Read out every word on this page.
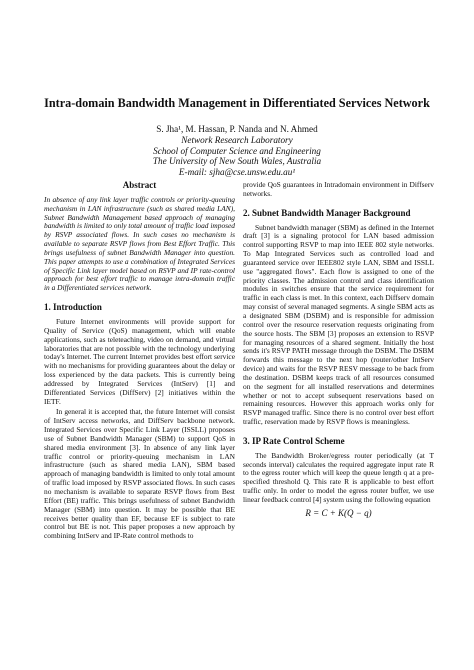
Intra-domain Bandwidth Management in Differentiated Services Network
S. Jha¹, M. Hassan, P. Nanda and N. Ahmed
Network Research Laboratory
School of Computer Science and Engineering
The University of New South Wales, Australia
E-mail: sjha@cse.unsw.edu.au¹
Abstract
In absence of any link layer traffic controls or priority-queuing mechanism in LAN infrastructure (such as shared media LAN), Subnet Bandwidth Management based approach of managing bandwidth is limited to only total amount of traffic load imposed by RSVP associated flows. In such cases no mechanism is available to separate RSVP flows from Best Effort Traffic. This brings usefulness of subnet Bandwidth Manager into question. This paper attempts to use a combination of Integrated Services of Specific Link layer model based on RSVP and IP rate-control approach for best effort traffic to manage intra-domain traffic in a Differentiated services network.
1. Introduction
Future Internet environments will provide support for Quality of Service (QoS) management, which will enable applications, such as teleteaching, video on demand, and virtual laboratories that are not possible with the technology underlying today's Internet. The current Internet provides best effort service with no mechanisms for providing guarantees about the delay or loss experienced by the data packets. This is currently being addressed by Integrated Services (IntServ) [1] and Differentiated Services (DiffServ) [2] initiatives within the IETF.
In general it is accepted that, the future Internet will consist of IntServ access networks, and DiffServ backbone network. Integrated Services over Specific Link Layer (ISSLL) proposes use of Subnet Bandwidth Manager (SBM) to support QoS in shared media environment [3]. In absence of any link layer traffic control or priority-queuing mechanism in LAN infrastructure (such as shared media LAN), SBM based approach of managing bandwidth is limited to only total amount of traffic load imposed by RSVP associated flows. In such cases no mechanism is available to separate RSVP flows from Best Effort (BE) traffic. This brings usefulness of subnet Bandwidth Manager (SBM) into question. It may be possible that BE receives better quality than EF, because EF is subject to rate control but BE is not. This paper proposes a new approach by combining IntServ and IP-Rate control methods to
provide QoS guarantees in Intradomain environment in Diffserv networks.
2. Subnet Bandwidth Manager Background
Subnet bandwidth manager (SBM) as defined in the Internet draft [3] is a signaling protocol for LAN based admission control supporting RSVP to map into IEEE 802 style networks. To Map Integrated Services such as controlled load and guaranteed service over IEEE802 style LAN, SBM and ISSLL use "aggregated flows". Each flow is assigned to one of the priority classes. The admission control and class identification modules in switches ensure that the service requirement for traffic in each class is met. In this context, each Diffserv domain may consist of several managed segments. A single SBM acts as a designated SBM (DSBM) and is responsible for admission control over the resource reservation requests originating from the source hosts. The SBM [3] proposes an extension to RSVP for managing resources of a shared segment. Initially the host sends it's RSVP PATH message through the DSBM. The DSBM forwards this message to the next hop (router/other IntServ device) and waits for the RSVP RESV message to be back from the destination. DSBM keeps track of all resources consumed on the segment for all installed reservations and determines whether or not to accept subsequent reservations based on remaining resources. However this approach works only for RSVP managed traffic. Since there is no control over best effort traffic, reservation made by RSVP flows is meaningless.
3. IP Rate Control Scheme
The Bandwidth Broker/egress router periodically (at T seconds interval) calculates the required aggregate input rate R to the egress router which will keep the queue length q at a pre-specified threshold Q. This rate R is applicable to best effort traffic only. In order to model the egress router buffer, we use linear feedback control [4] system using the following equation
R = C + K(Q − q)
